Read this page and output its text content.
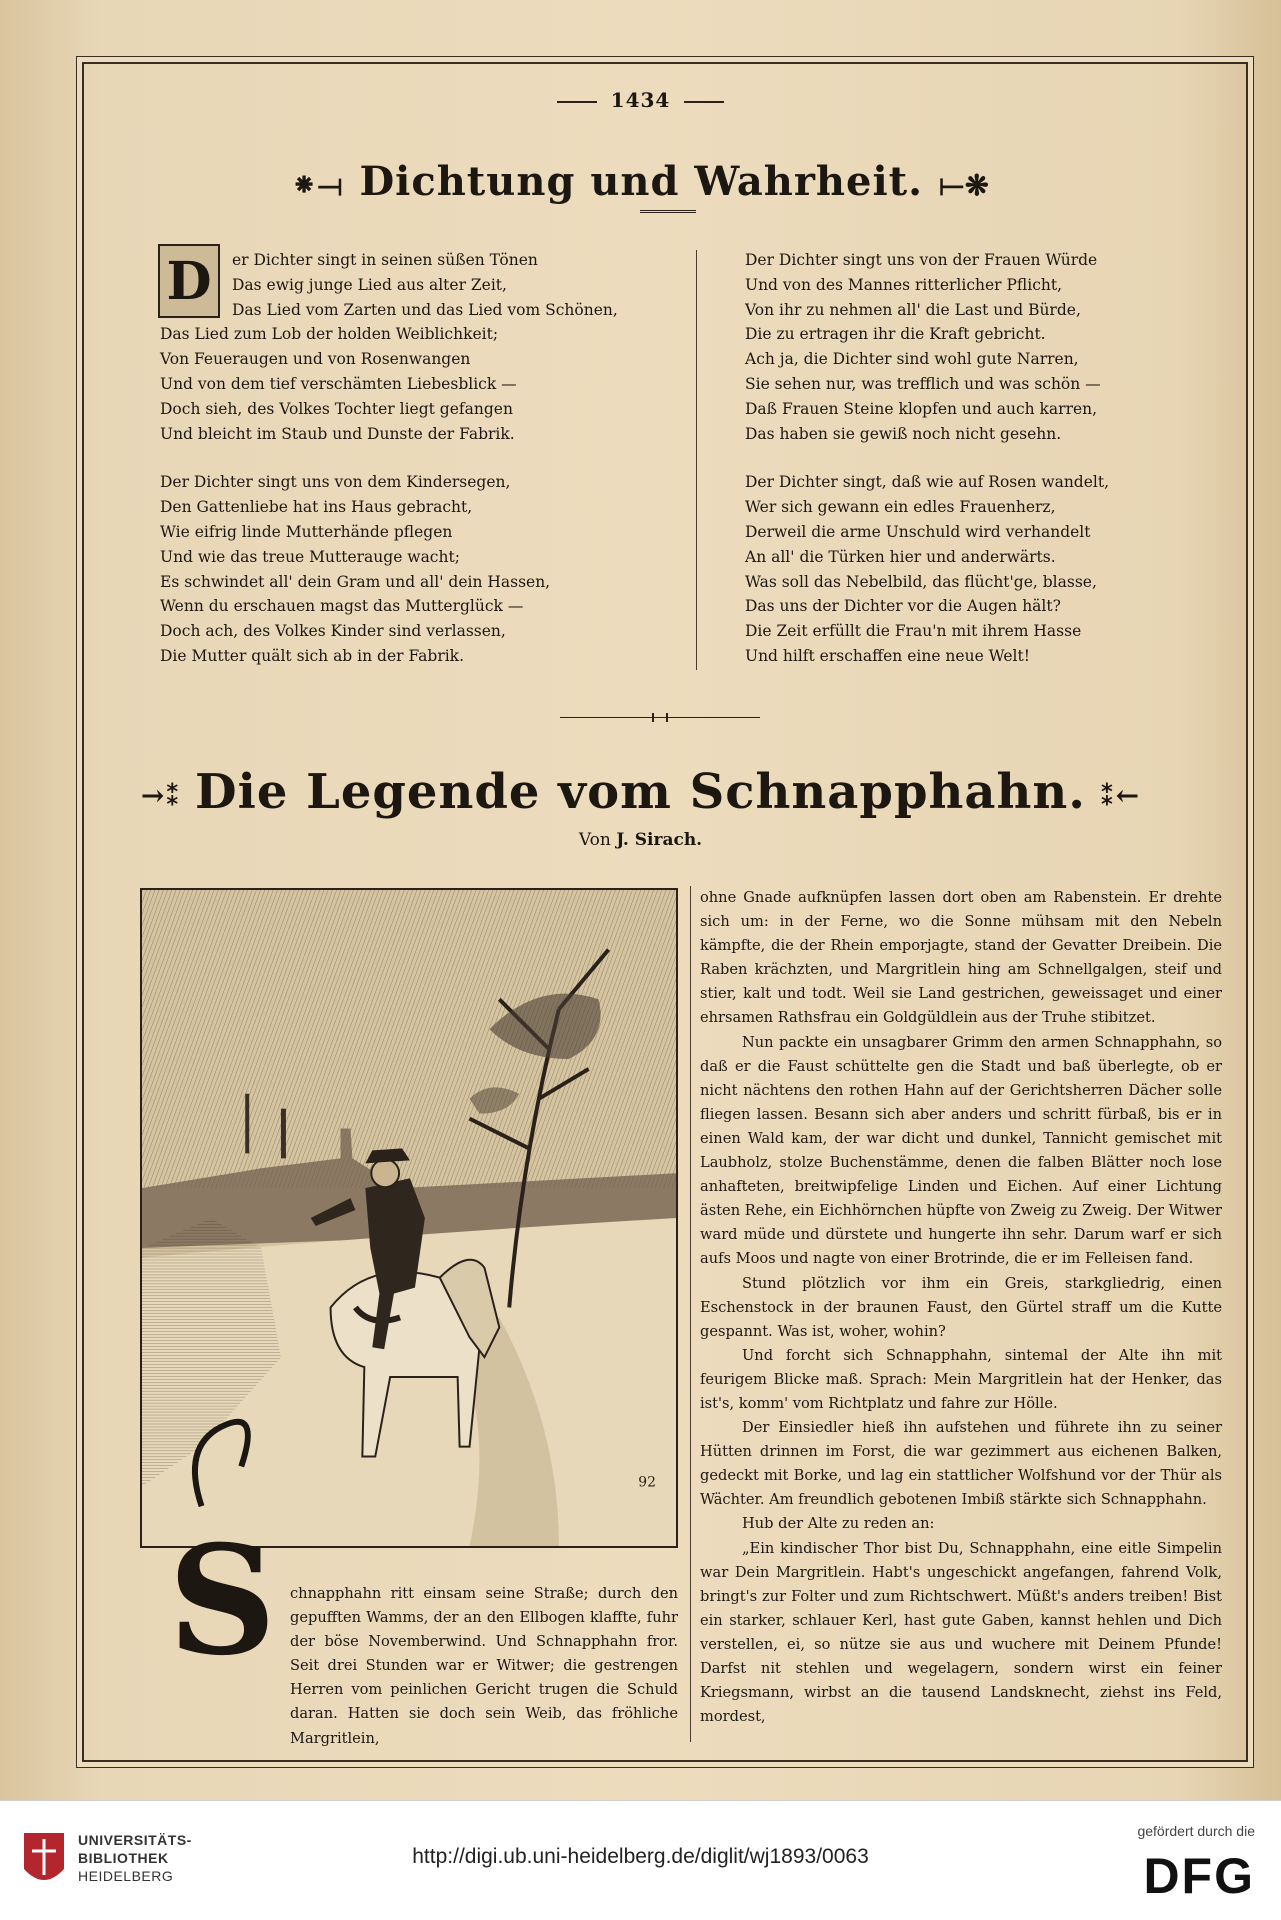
1434
⁕⟞ Dichtung und Wahrheit. ⟝⁕
D	er Dichter singt in seinen süßen Tönen
Das ewig junge Lied aus alter Zeit,
Das Lied vom Zarten und das Lied vom Schönen,
Das Lied zum Lob der holden Weiblichkeit;
Von Feueraugen und von Rosenwangen
Und von dem tief verschämten Liebesblick —
Doch sieh, des Volkes Tochter liegt gefangen
Und bleicht im Staub und Dunste der Fabrik.
Der Dichter singt uns von dem Kindersegen,
Den Gattenliebe hat ins Haus gebracht,
Wie eifrig linde Mutterhände pflegen
Und wie das treue Mutterauge wacht;
Es schwindet all' dein Gram und all' dein Hassen,
Wenn du erschauen magst das Mutterglück —
Doch ach, des Volkes Kinder sind verlassen,
Die Mutter quält sich ab in der Fabrik.
Der Dichter singt uns von der Frauen Würde
Und von des Mannes ritterlicher Pflicht,
Von ihr zu nehmen all' die Last und Bürde,
Die zu ertragen ihr die Kraft gebricht.
Ach ja, die Dichter sind wohl gute Narren,
Sie sehen nur, was trefflich und was schön —
Daß Frauen Steine klopfen und auch karren,
Das haben sie gewiß noch nicht gesehn.
Der Dichter singt, daß wie auf Rosen wandelt,
Wer sich gewann ein edles Frauenherz,
Derweil die arme Unschuld wird verhandelt
An all' die Türken hier und anderwärts.
Was soll das Nebelbild, das flücht'ge, blasse,
Das uns der Dichter vor die Augen hält?
Die Zeit erfüllt die Frau'n mit ihrem Hasse
Und hilft erschaffen eine neue Welt!
→⁑ Die Legende vom Schnapphahn. ⁑←
Von J. Sirach.
92
S chnapphahn ritt einsam seine Straße; durch den gepufften Wamms, der an den Ellbogen klaffte, fuhr der böse Novemberwind. Und Schnapphahn fror. Seit drei Stunden war er Witwer; die gestrengen Herren vom peinlichen Gericht trugen die Schuld daran. Hatten sie doch sein Weib, das fröhliche Margritlein,

ohne Gnade aufknüpfen lassen dort oben am Rabenstein. Er drehte sich um: in der Ferne, wo die Sonne mühsam mit den Nebeln kämpfte, die der Rhein emporjagte, stand der Gevatter Dreibein. Die Raben krächzten, und Margritlein hing am Schnellgalgen, steif und stier, kalt und todt. Weil sie Land gestrichen, geweissaget und einer ehrsamen Rathsfrau ein Goldgüldlein aus der Truhe stibitzet.

Nun packte ein unsagbarer Grimm den armen Schnapphahn, so daß er die Faust schüttelte gen die Stadt und baß überlegte, ob er nicht nächtens den rothen Hahn auf der Gerichtsherren Dächer solle fliegen lassen. Besann sich aber anders und schritt fürbaß, bis er in einen Wald kam, der war dicht und dunkel, Tannicht gemischet mit Laubholz, stolze Buchenstämme, denen die falben Blätter noch lose anhafteten, breitwipfelige Linden und Eichen. Auf einer Lichtung ästen Rehe, ein Eichhörnchen hüpfte von Zweig zu Zweig. Der Witwer ward müde und dürstete und hungerte ihn sehr. Darum warf er sich aufs Moos und nagte von einer Brotrinde, die er im Felleisen fand.

Stund plötzlich vor ihm ein Greis, starkgliedrig, einen Eschenstock in der braunen Faust, den Gürtel straff um die Kutte gespannt. Was ist, woher, wohin?

Und forcht sich Schnapphahn, sintemal der Alte ihn mit feurigem Blicke maß. Sprach: Mein Margritlein hat der Henker, das ist's, komm' vom Richtplatz und fahre zur Hölle.

Der Einsiedler hieß ihn aufstehen und führete ihn zu seiner Hütten drinnen im Forst, die war gezimmert aus eichenen Balken, gedeckt mit Borke, und lag ein stattlicher Wolfshund vor der Thür als Wächter. Am freundlich gebotenen Imbiß stärkte sich Schnapphahn.

Hub der Alte zu reden an:

„Ein kindischer Thor bist Du, Schnapphahn, eine eitle Simpelin war Dein Margritlein. Habt's ungeschickt angefangen, fahrend Volk, bringt's zur Folter und zum Richtschwert. Müßt's anders treiben! Bist ein starker, schlauer Kerl, hast gute Gaben, kannst hehlen und Dich verstellen, ei, so nütze sie aus und wuchere mit Deinem Pfunde! Darfst nit stehlen und wegelagern, sondern wirst ein feiner Kriegsmann, wirbst an die tausend Landsknecht, ziehst ins Feld, mordest,

UNIVERSITÄTS-
BIBLIOTHEK
HEIDELBERG
http://digi.ub.uni-heidelberg.de/diglit/wj1893/0063
gefördert durch die
DFG
